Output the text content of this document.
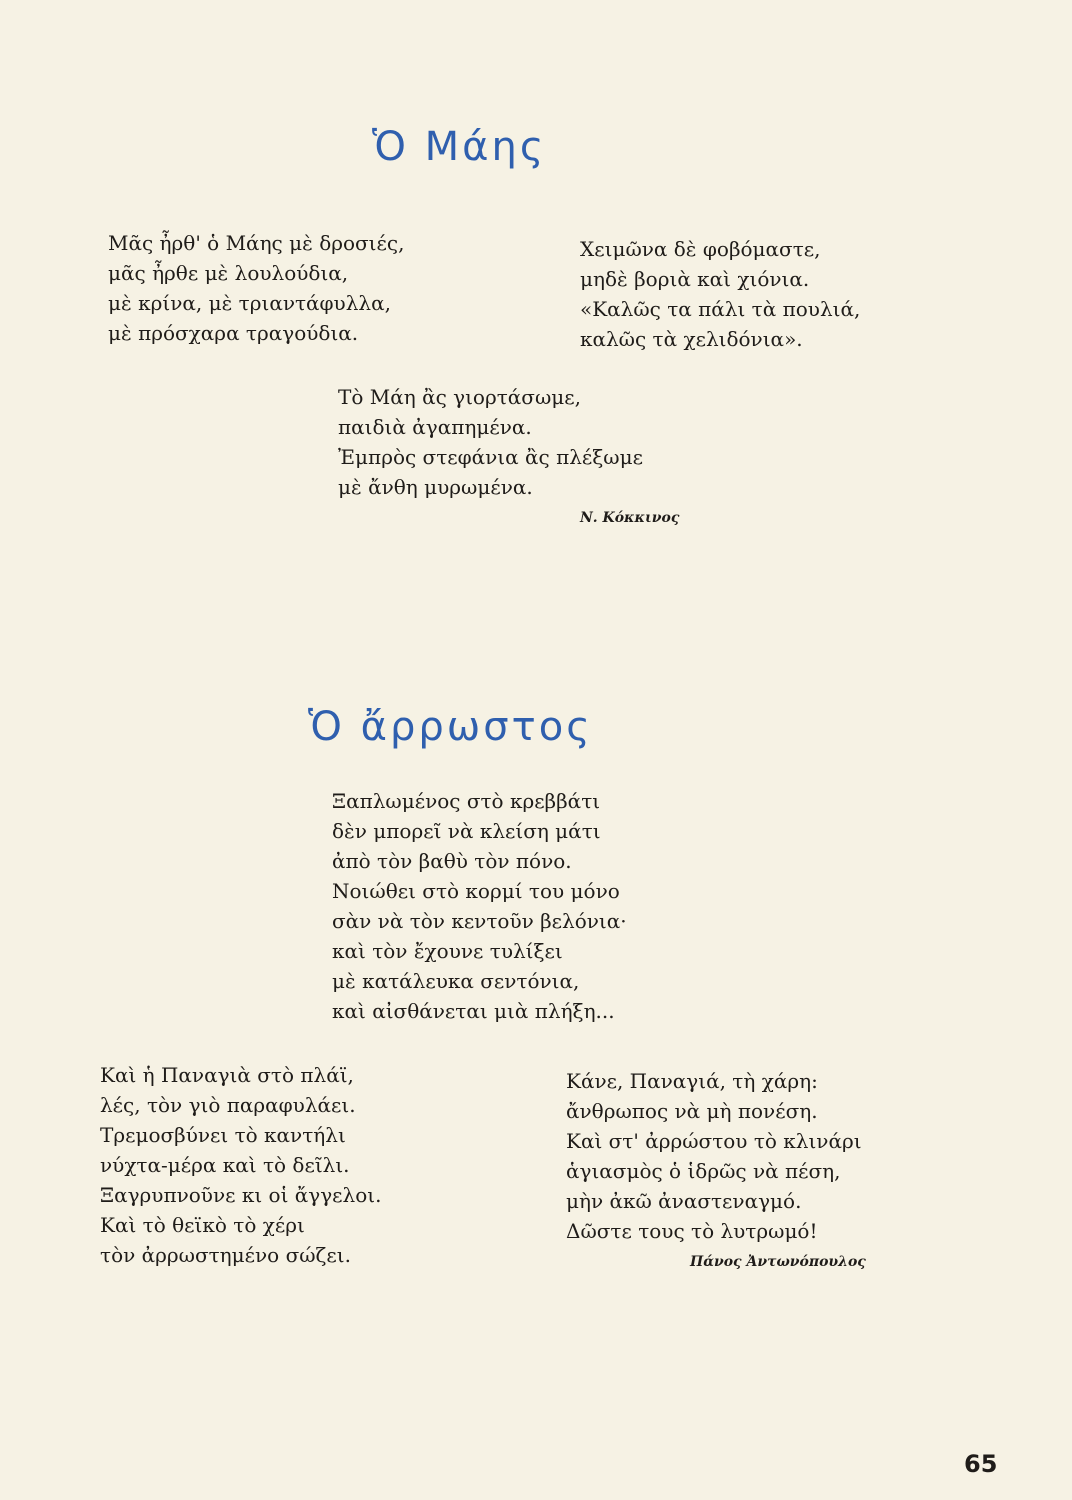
Ὁ Μάης
Μᾶς ἦρθ' ὁ Μάης μὲ δροσιές,
μᾶς ἦρθε μὲ λουλούδια,
μὲ κρίνα, μὲ τριαντάφυλλα,
μὲ πρόσχαρα τραγούδια.
Χειμῶνα δὲ φοβόμαστε,
μηδὲ βοριὰ καὶ χιόνια.
«Καλῶς τα πάλι τὰ πουλιά,
καλῶς τὰ χελιδόνια».
Τὸ Μάη ἂς γιορτάσωμε,
παιδιὰ ἀγαπημένα.
Ἐμπρὸς στεφάνια ἂς πλέξωμε
μὲ ἄνθη μυρωμένα.

Ν. Κόκκινος

Ὁ ἄρρωστος
Ξαπλωμένος στὸ κρεββάτι
δὲν μπορεῖ νὰ κλείση μάτι
ἀπὸ τὸν βαθὺ τὸν πόνο.
Νοιώθει στὸ κορμί του μόνο
σὰν νὰ τὸν κεντοῦν βελόνια·
καὶ τὸν ἔχουνε τυλίξει
μὲ κατάλευκα σεντόνια,
καὶ αἰσθάνεται μιὰ πλήξη...
Καὶ ἡ Παναγιὰ στὸ πλάϊ,
λές, τὸν γιὸ παραφυλάει.
Τρεμοσβύνει τὸ καντήλι
νύχτα-μέρα καὶ τὸ δεῖλι.
Ξαγρυπνοῦνε κι οἱ ἄγγελοι.
Καὶ τὸ θεϊκὸ τὸ χέρι
τὸν ἀρρωστημένο σώζει.
Κάνε, Παναγιά, τὴ χάρη:
ἄνθρωπος νὰ μὴ πονέση.
Καὶ στ' ἀρρώστου τὸ κλινάρι
ἁγιασμὸς ὁ ἱδρῶς νὰ πέση,
μὴν ἀκῶ ἀναστεναγμό.
Δῶστε τους τὸ λυτρωμό!

Πάνος Ἀντωνόπουλος

65
